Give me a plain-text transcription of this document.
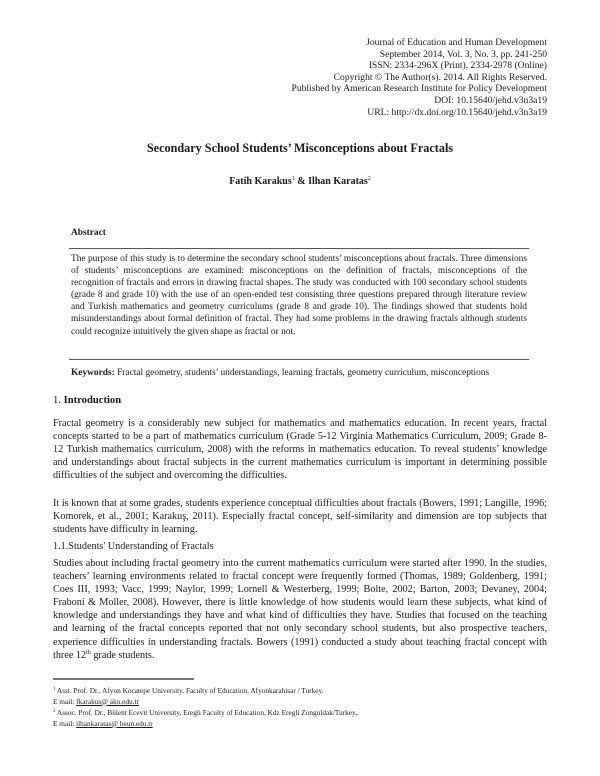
Journal of Education and Human Development
September 2014, Vol. 3, No. 3, pp. 241-250
ISSN: 2334-296X (Print), 2334-2978 (Online)
Copyright © The Author(s). 2014. All Rights Reserved.
Published by American Research Institute for Policy Development
DOI: 10.15640/jehd.v3n3a19
URL: http://dx.doi.org/10.15640/jehd.v3n3a19
Secondary School Students’ Misconceptions about Fractals
Fatih Karakus$^1$ & Ilhan Karatas$^2$
Abstract
The purpose of this study is to determine the secondary school students’ misconceptions about fractals. Three dimensions of students’ misconceptions are examined: misconceptions on the definition of fractals, misconceptions of the recognition of fractals and errors in drawing fractal shapes. The study was conducted with 100 secondary school students (grade 8 and grade 10) with the use of an open-ended test consisting three questions prepared through literature review and Turkish mathematics and geometry curriculums (grade 8 and grade 10). The findings showed that students hold misunderstandings about formal definition of fractal. They had some problems in the drawing fractals although students could recognize intuitively the given shape as fractal or not.
Keywords: Fractal geometry, students’ understandings, learning fractals, geometry curriculum, misconceptions
1. Introduction
Fractal geometry is a considerably new subject for mathematics and mathematics education. In recent years, fractal concepts started to be a part of mathematics curriculum (Grade 5-12 Virginia Mathematics Curriculum, 2009; Grade 8-12 Turkish mathematics curriculum, 2008) with the reforms in mathematics education. To reveal students’ knowledge and understandings about fractal subjects in the current mathematics curriculum is important in determining possible difficulties of the subject and overcoming the difficulties.
It is known that at some grades, students experience conceptual difficulties about fractals (Bowers, 1991; Langille, 1996; Komorek, et al., 2001; Karakuş, 2011). Especially fractal concept, self-similarity and dimension are top subjects that students have difficulty in learning.
1.1.Students' Understanding of Fractals
Studies about including fractal geometry into the current mathematics curriculum were started after 1990. In the studies, teachers’ learning environments related to fractal concept were frequently formed (Thomas, 1989; Goldenberg, 1991; Coes III, 1993; Vacc, 1999; Naylor, 1999; Lornell & Westerberg, 1999; Bolte, 2002; Barton, 2003; Devaney, 2004; Fraboni & Moller, 2008). However, there is little knowledge of how students would learn these subjects, what kind of knowledge and understandings they have and what kind of difficulties they have. Studies that focused on the teaching and learning of the fractal concepts reported that not only secondary school students, but also prospective teachers, experience difficulties in understanding fractals. Bowers (1991) conducted a study about teaching fractal concept with three 12th grade students.
$^1$ Asst. Prof. Dr., Afyon Kocatepe University, Faculty of Education, Afyonkarahisar / Turkey.
E mail: fkarakus@ aku.edu.tr
$^2$ Assoc. Prof. Dr., Bülent Ecevit University, Eregli Faculty of Education, Kdz Eregli Zonguldak/Turkey,.
E mail: ilhankaratas@ beun.edu.tr
